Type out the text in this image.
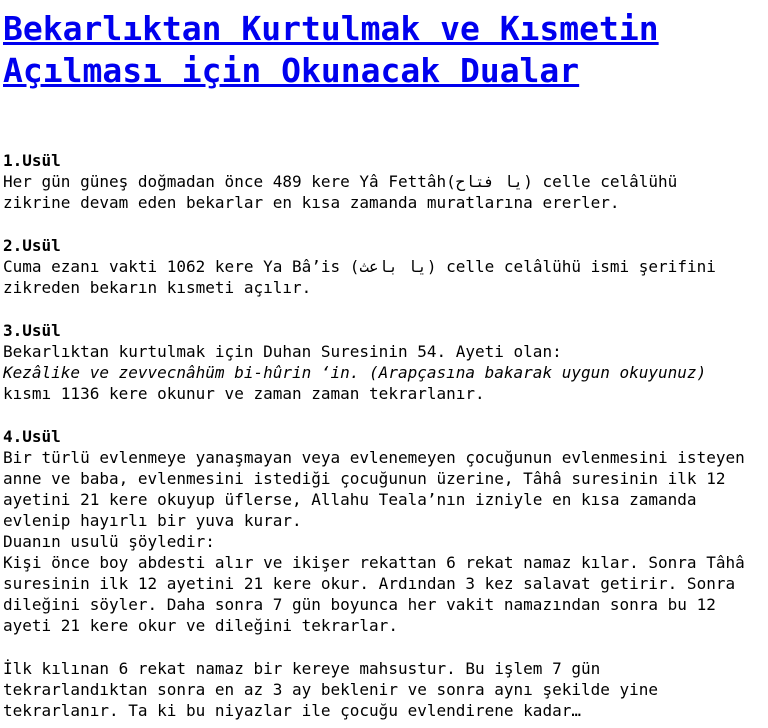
Bekarlıktan Kurtulmak ve Kısmetin
Açılması için Okunacak Dualar
1.Usül
Her gün güneş doğmadan önce 489 kere Yâ Fettâh(يا فتاح) celle celâlühü
zikrine devam eden bekarlar en kısa zamanda muratlarına ererler.
2.Usül
Cuma ezanı vakti 1062 kere Ya Bâ’is (يا باعث) celle celâlühü ismi şerifini
zikreden bekarın kısmeti açılır.
3.Usül
Bekarlıktan kurtulmak için Duhan Suresinin 54. Ayeti olan:
Kezâlike ve zevvecnâhüm bi-hûrin ‘in. (Arapçasına bakarak uygun okuyunuz)
kısmı 1136 kere okunur ve zaman zaman tekrarlanır.
4.Usül
Bir türlü evlenmeye yanaşmayan veya evlenemeyen çocuğunun evlenmesini isteyen
anne ve baba, evlenmesini istediği çocuğunun üzerine, Tâhâ suresinin ilk 12
ayetini 21 kere okuyup üflerse, Allahu Teala’nın izniyle en kısa zamanda
evlenip hayırlı bir yuva kurar.
Duanın usulü şöyledir:
Kişi önce boy abdesti alır ve ikişer rekattan 6 rekat namaz kılar. Sonra Tâhâ
suresinin ilk 12 ayetini 21 kere okur. Ardından 3 kez salavat getirir. Sonra
dileğini söyler. Daha sonra 7 gün boyunca her vakit namazından sonra bu 12
ayeti 21 kere okur ve dileğini tekrarlar.
İlk kılınan 6 rekat namaz bir kereye mahsustur. Bu işlem 7 gün
tekrarlandıktan sonra en az 3 ay beklenir ve sonra aynı şekilde yine
tekrarlanır. Ta ki bu niyazlar ile çocuğu evlendirene kadar…
